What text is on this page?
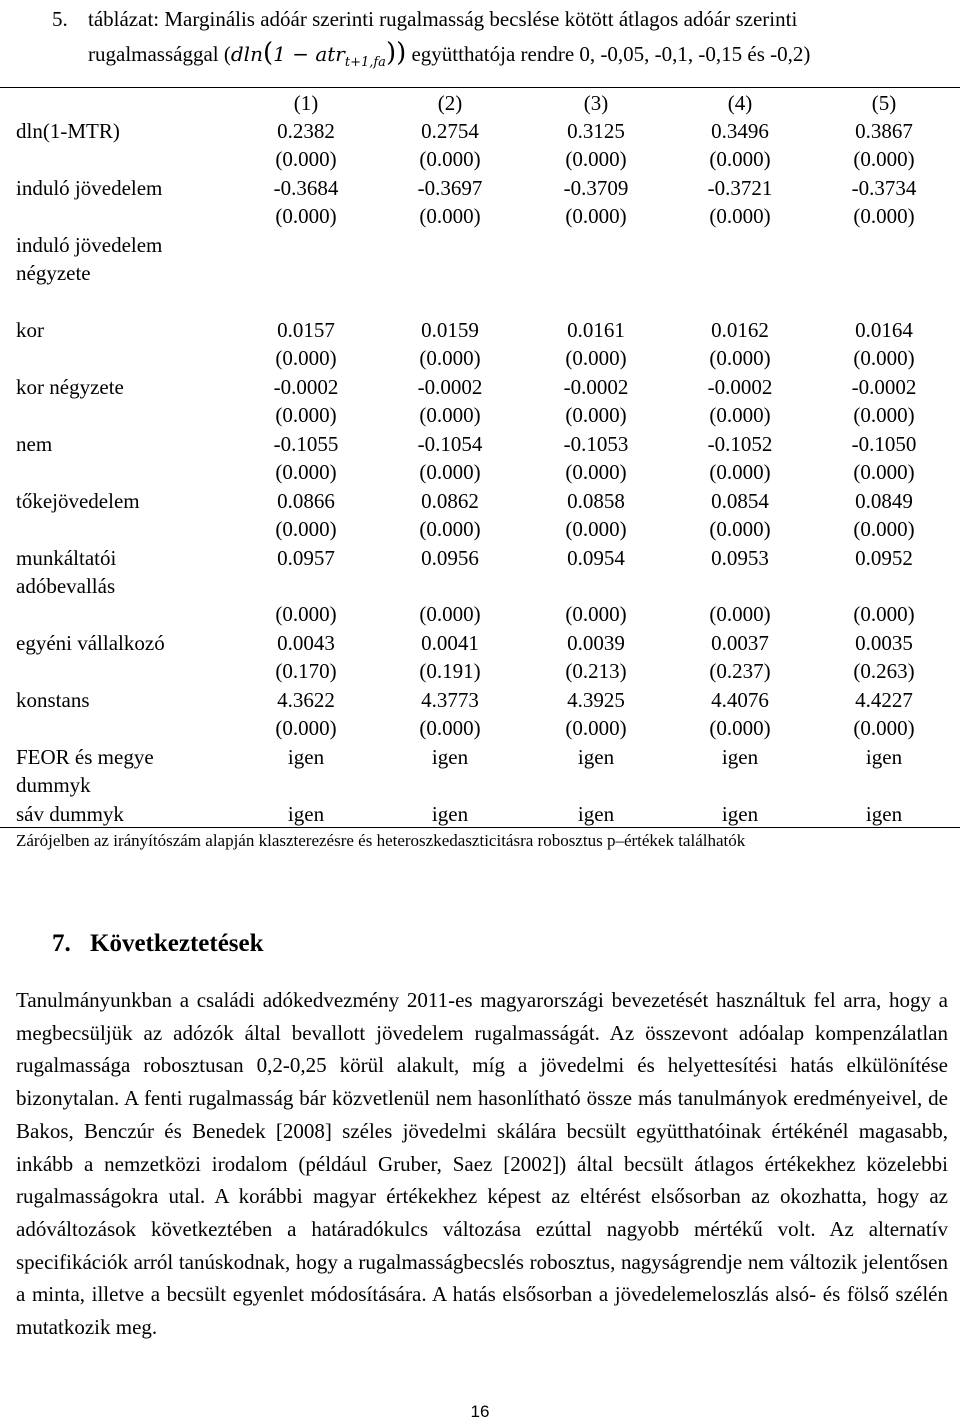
5. táblázat: Marginális adóár szerinti rugalmasság becslése kötött átlagos adóár szerinti
rugalmassággal (dln(1 − atr$_{t+1,fa}$)) együtthatója rendre 0, -0,05, -0,1, -0,15 és -0,2)
(1)	(2)	(3)	(4)	(5)
dln(1-MTR)	0.2382	0.2754	0.3125	0.3496	0.3867
(0.000)	(0.000)	(0.000)	(0.000)	(0.000)
induló jövedelem	-0.3684	-0.3697	-0.3709	-0.3721	-0.3734
(0.000)	(0.000)	(0.000)	(0.000)	(0.000)
induló jövedelem
négyzete
kor	0.0157	0.0159	0.0161	0.0162	0.0164
(0.000)	(0.000)	(0.000)	(0.000)	(0.000)
kor négyzete	-0.0002	-0.0002	-0.0002	-0.0002	-0.0002
(0.000)	(0.000)	(0.000)	(0.000)	(0.000)
nem	-0.1055	-0.1054	-0.1053	-0.1052	-0.1050
(0.000)	(0.000)	(0.000)	(0.000)	(0.000)
tőkejövedelem	0.0866	0.0862	0.0858	0.0854	0.0849
(0.000)	(0.000)	(0.000)	(0.000)	(0.000)
munkáltatói
adóbevallás
0.0957	0.0956	0.0954	0.0953	0.0952
(0.000)	(0.000)	(0.000)	(0.000)	(0.000)
egyéni vállalkozó	0.0043	0.0041	0.0039	0.0037	0.0035
(0.170)	(0.191)	(0.213)	(0.237)	(0.263)
konstans	4.3622	4.3773	4.3925	4.4076	4.4227
(0.000)	(0.000)	(0.000)	(0.000)	(0.000)
FEOR és megye
dummyk
igen	igen	igen	igen	igen
sáv dummyk	igen	igen	igen	igen	igen
Zárójelben az irányítószám alapján klaszterezésre és heteroszkedaszticitásra robosztus p–értékek találhatók
7. Következtetések
Tanulmányunkban a családi adókedvezmény 2011-es magyarországi bevezetését használtuk fel arra, hogy a megbecsüljük az adózók által bevallott jövedelem rugalmasságát. Az összevont adóalap kompenzálatlan rugalmassága robosztusan 0,2-0,25 körül alakult, míg a jövedelmi és helyettesítési hatás elkülönítése bizonytalan. A fenti rugalmasság bár közvetlenül nem hasonlítható össze más tanulmányok eredményeivel, de Bakos, Benczúr és Benedek [2008] széles jövedelmi skálára becsült együtthatóinak értékénél magasabb, inkább a nemzetközi irodalom (például Gruber, Saez [2002]) által becsült átlagos értékekhez közelebbi rugalmasságokra utal. A korábbi magyar értékekhez képest az eltérést elsősorban az okozhatta, hogy az adóváltozások következtében a határadókulcs változása ezúttal nagyobb mértékű volt. Az alternatív specifikációk arról tanúskodnak, hogy a rugalmasságbecslés robosztus, nagyságrendje nem változik jelentősen a minta, illetve a becsült egyenlet módosítására. A hatás elsősorban a jövedelemeloszlás alsó- és fölső szélén mutatkozik meg.
16
